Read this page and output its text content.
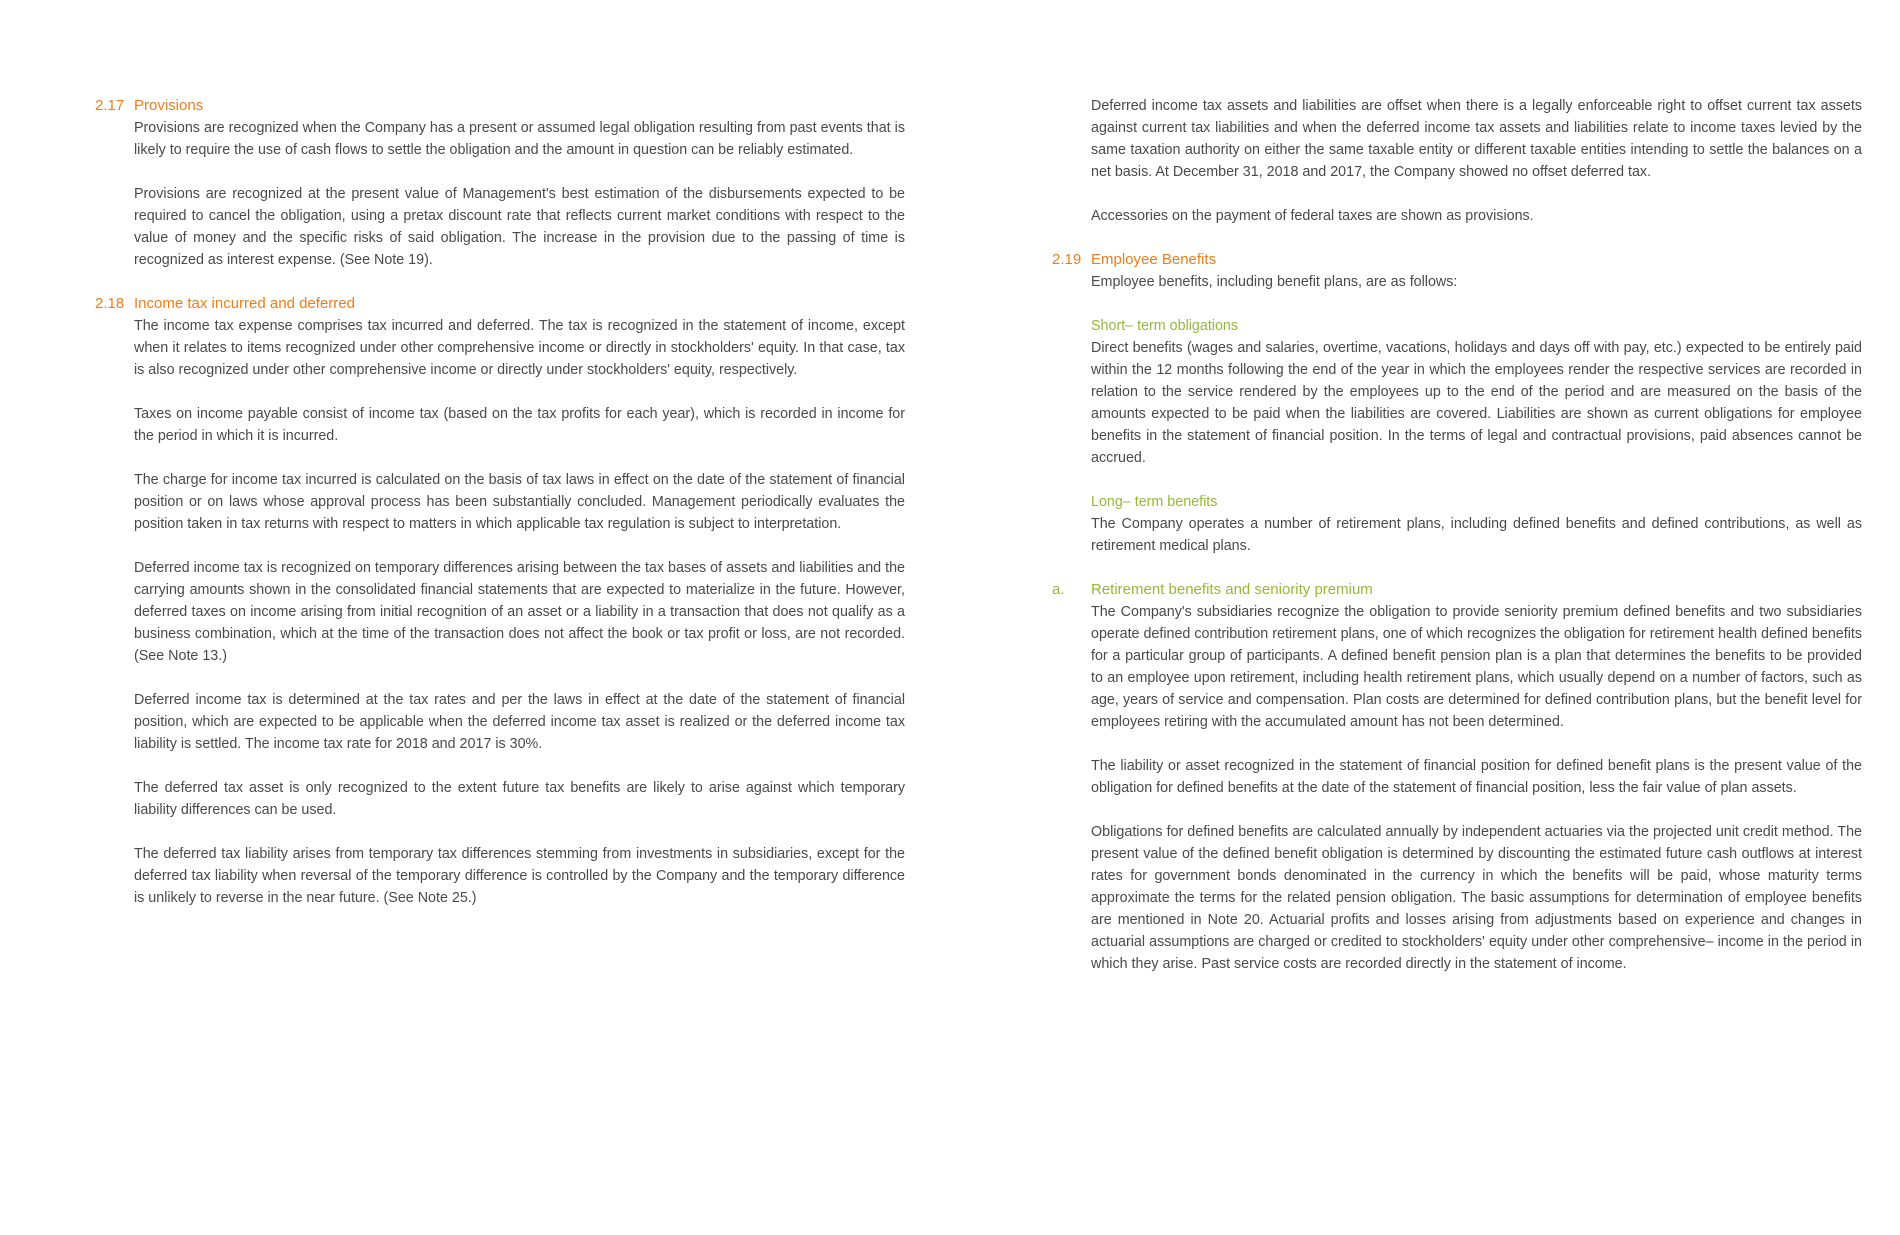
2.17 Provisions

Provisions are recognized when the Company has a present or assumed legal obligation resulting from past events that is likely to require the use of cash flows to settle the obligation and the amount in question can be reliably estimated.

Provisions are recognized at the present value of Management's best estimation of the disbursements expected to be required to cancel the obligation, using a pretax discount rate that reflects current market conditions with respect to the value of money and the specific risks of said obligation. The increase in the provision due to the passing of time is recognized as interest expense. (See Note 19).

2.18 Income tax incurred and deferred

The income tax expense comprises tax incurred and deferred. The tax is recognized in the statement of income, except when it relates to items recognized under other comprehensive income or directly in stockholders' equity. In that case, tax is also recognized under other comprehensive income or directly under stockholders' equity, respectively.

Taxes on income payable consist of income tax (based on the tax profits for each year), which is recorded in income for the period in which it is incurred.

The charge for income tax incurred is calculated on the basis of tax laws in effect on the date of the statement of financial position or on laws whose approval process has been substantially concluded. Management periodically evaluates the position taken in tax returns with respect to matters in which applicable tax regulation is subject to interpretation.

Deferred income tax is recognized on temporary differences arising between the tax bases of assets and liabilities and the carrying amounts shown in the consolidated financial statements that are expected to materialize in the future. However, deferred taxes on income arising from initial recognition of an asset or a liability in a transaction that does not qualify as a business combination, which at the time of the transaction does not affect the book or tax profit or loss, are not recorded. (See Note 13.)

Deferred income tax is determined at the tax rates and per the laws in effect at the date of the statement of financial position, which are expected to be applicable when the deferred income tax asset is realized or the deferred income tax liability is settled. The income tax rate for 2018 and 2017 is 30%.

The deferred tax asset is only recognized to the extent future tax benefits are likely to arise against which temporary liability differences can be used.

The deferred tax liability arises from temporary tax differences stemming from investments in subsidiaries, except for the deferred tax liability when reversal of the temporary difference is controlled by the Company and the temporary difference is unlikely to reverse in the near future. (See Note 25.)

Deferred income tax assets and liabilities are offset when there is a legally enforceable right to offset current tax assets against current tax liabilities and when the deferred income tax assets and liabilities relate to income taxes levied by the same taxation authority on either the same taxable entity or different taxable entities intending to settle the balances on a net basis. At December 31, 2018 and 2017, the Company showed no offset deferred tax.

Accessories on the payment of federal taxes are shown as provisions.

2.19 Employee Benefits

Employee benefits, including benefit plans, are as follows:

Short– term obligations

Direct benefits (wages and salaries, overtime, vacations, holidays and days off with pay, etc.) expected to be entirely paid within the 12 months following the end of the year in which the employees render the respective services are recorded in relation to the service rendered by the employees up to the end of the period and are measured on the basis of the amounts expected to be paid when the liabilities are covered. Liabilities are shown as current obligations for employee benefits in the statement of financial position. In the terms of legal and contractual provisions, paid absences cannot be accrued.

Long– term benefits

The Company operates a number of retirement plans, including defined benefits and defined contributions, as well as retirement medical plans.

a.	Retirement benefits and seniority premium

The Company's subsidiaries recognize the obligation to provide seniority premium defined benefits and two subsidiaries operate defined contribution retirement plans, one of which recognizes the obligation for retirement health defined benefits for a particular group of participants. A defined benefit pension plan is a plan that determines the benefits to be provided to an employee upon retirement, including health retirement plans, which usually depend on a number of factors, such as age, years of service and compensation. Plan costs are determined for defined contribution plans, but the benefit level for employees retiring with the accumulated amount has not been determined.

The liability or asset recognized in the statement of financial position for defined benefit plans is the present value of the obligation for defined benefits at the date of the statement of financial position, less the fair value of plan assets.

Obligations for defined benefits are calculated annually by independent actuaries via the projected unit credit method. The present value of the defined benefit obligation is determined by discounting the estimated future cash outflows at interest rates for government bonds denominated in the currency in which the benefits will be paid, whose maturity terms approximate the terms for the related pension obligation. The basic assumptions for determination of employee benefits are mentioned in Note 20. Actuarial profits and losses arising from adjustments based on experience and changes in actuarial assumptions are charged or credited to stockholders' equity under other comprehensive– income in the period in which they arise. Past service costs are recorded directly in the statement of income.
